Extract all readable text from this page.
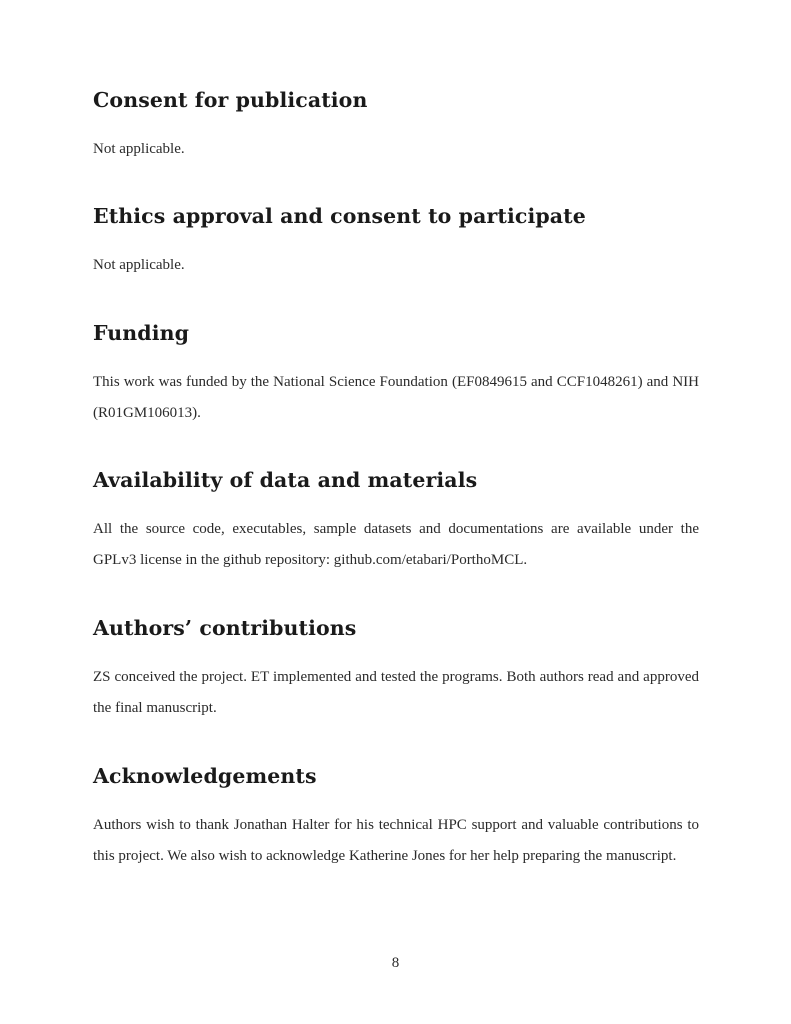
Consent for publication

Not applicable.

Ethics approval and consent to participate

Not applicable.

Funding

This work was funded by the National Science Foundation (EF0849615 and CCF1048261) and NIH (R01GM106013).

Availability of data and materials

All the source code, executables, sample datasets and documentations are available under the GPLv3 license in the github repository: github.com/etabari/PorthoMCL.

Authors’ contributions

ZS conceived the project. ET implemented and tested the programs. Both authors read and approved the final manuscript.

Acknowledgements

Authors wish to thank Jonathan Halter for his technical HPC support and valuable contributions to this project. We also wish to acknowledge Katherine Jones for her help preparing the manuscript.

8
